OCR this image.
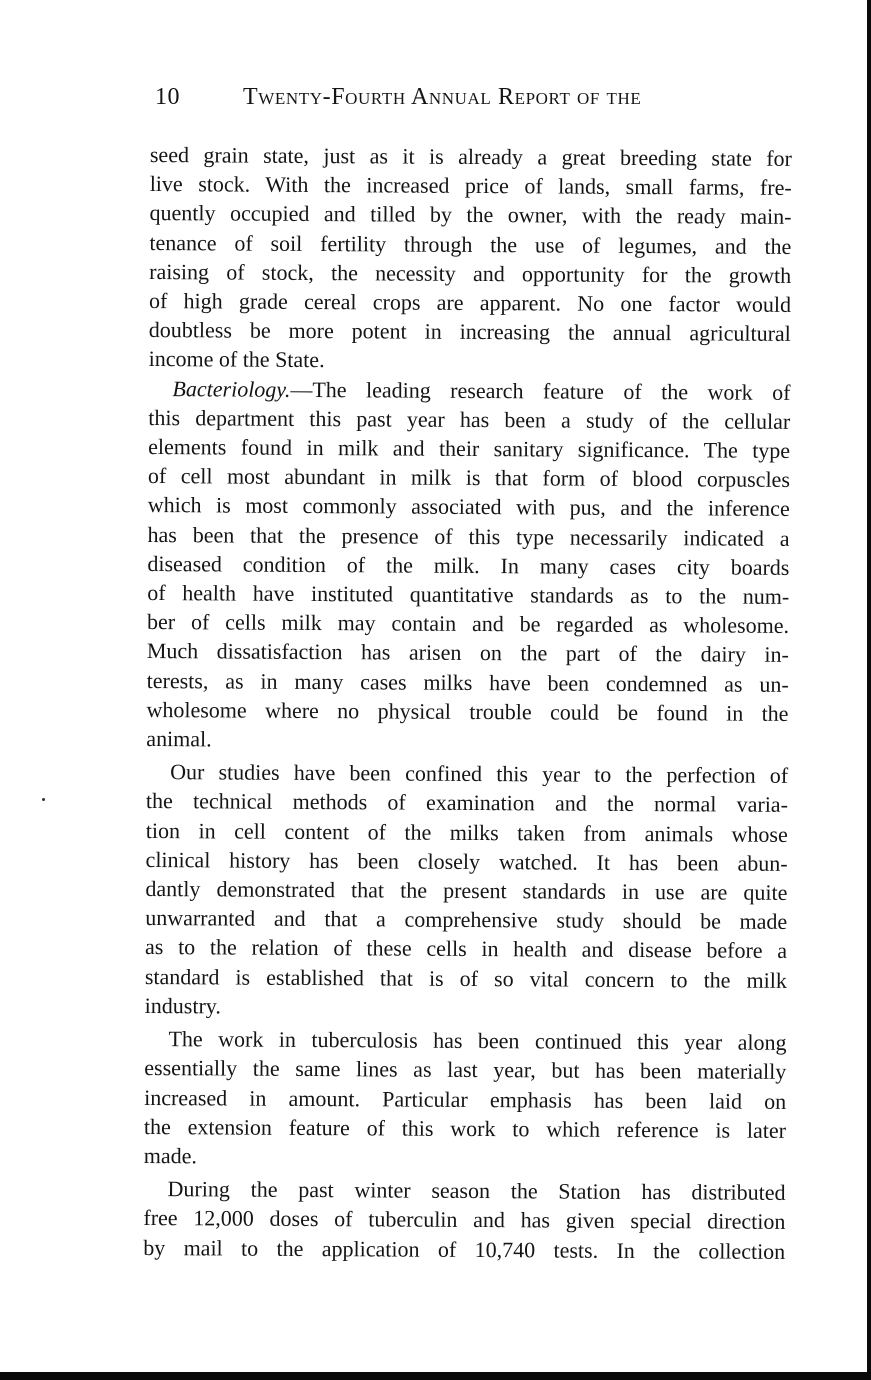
10	Twenty-Fourth Annual Report of the
seed grain state, just as it is already a great breeding state for
live stock. With the increased price of lands, small farms, fre-
quently occupied and tilled by the owner, with the ready main-
tenance of soil fertility through the use of legumes, and the
raising of stock, the necessity and opportunity for the growth
of high grade cereal crops are apparent. No one factor would
doubtless be more potent in increasing the annual agricultural
income of the State.
Bacteriology.—The leading research feature of the work of
this department this past year has been a study of the cellular
elements found in milk and their sanitary significance. The type
of cell most abundant in milk is that form of blood corpuscles
which is most commonly associated with pus, and the inference
has been that the presence of this type necessarily indicated a
diseased condition of the milk. In many cases city boards
of health have instituted quantitative standards as to the num-
ber of cells milk may contain and be regarded as wholesome.
Much dissatisfaction has arisen on the part of the dairy in-
terests, as in many cases milks have been condemned as un-
wholesome where no physical trouble could be found in the
animal.
Our studies have been confined this year to the perfection of
the technical methods of examination and the normal varia-
tion in cell content of the milks taken from animals whose
clinical history has been closely watched. It has been abun-
dantly demonstrated that the present standards in use are quite
unwarranted and that a comprehensive study should be made
as to the relation of these cells in health and disease before a
standard is established that is of so vital concern to the milk
industry.
The work in tuberculosis has been continued this year along
essentially the same lines as last year, but has been materially
increased in amount. Particular emphasis has been laid on
the extension feature of this work to which reference is later
made.
During the past winter season the Station has distributed
free 12,000 doses of tuberculin and has given special direction
by mail to the application of 10,740 tests. In the collection
